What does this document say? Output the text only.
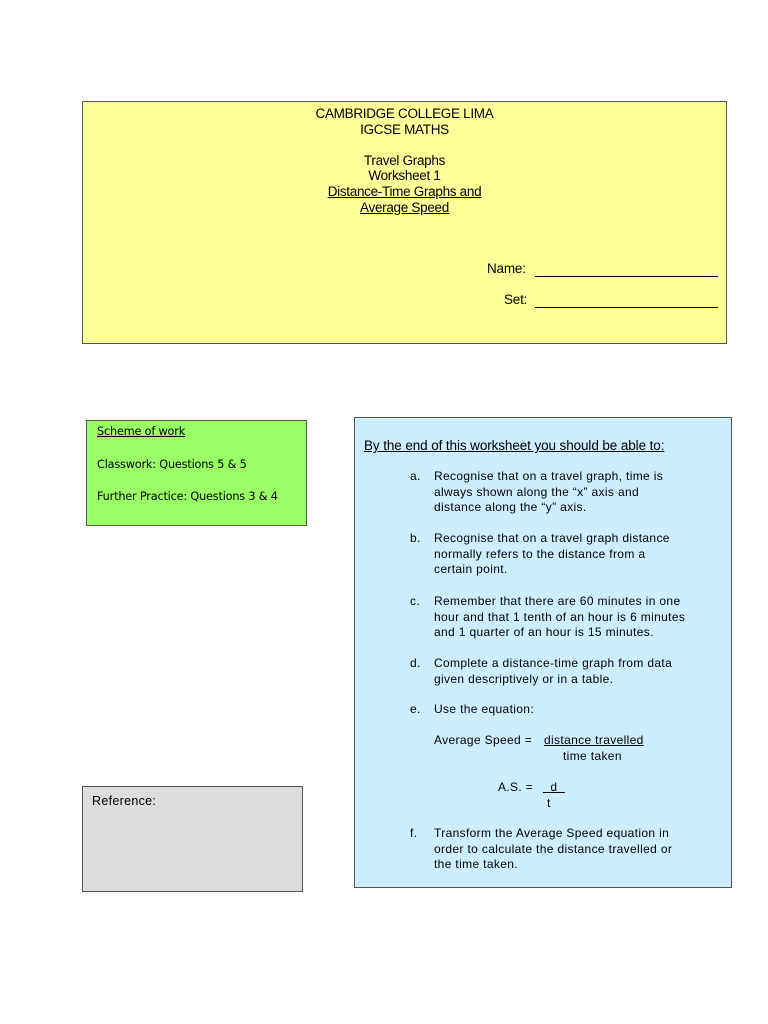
CAMBRIDGE COLLEGE LIMA
IGCSE MATHS
Travel Graphs
Worksheet 1
Distance-Time Graphs and
Average Speed
Name:
Set:
Scheme of work
Classwork: Questions 5 & 5
Further Practice: Questions 3 & 4
Reference:
By the end of this worksheet you should be able to:
a. Recognise that on a travel graph, time is
always shown along the “x” axis and
distance along the “y” axis.
b. Recognise that on a travel graph distance
normally refers to the distance from a
certain point.
c. Remember that there are 60 minutes in one
hour and that 1 tenth of an hour is 6 minutes
and 1 quarter of an hour is 15 minutes.
d. Complete a distance-time graph from data
given descriptively or in a table.
e. Use the equation:
Average Speed = distance travelled
time taken
A.S. =	d
t
f. Transform the Average Speed equation in
order to calculate the distance travelled or
the time taken.
